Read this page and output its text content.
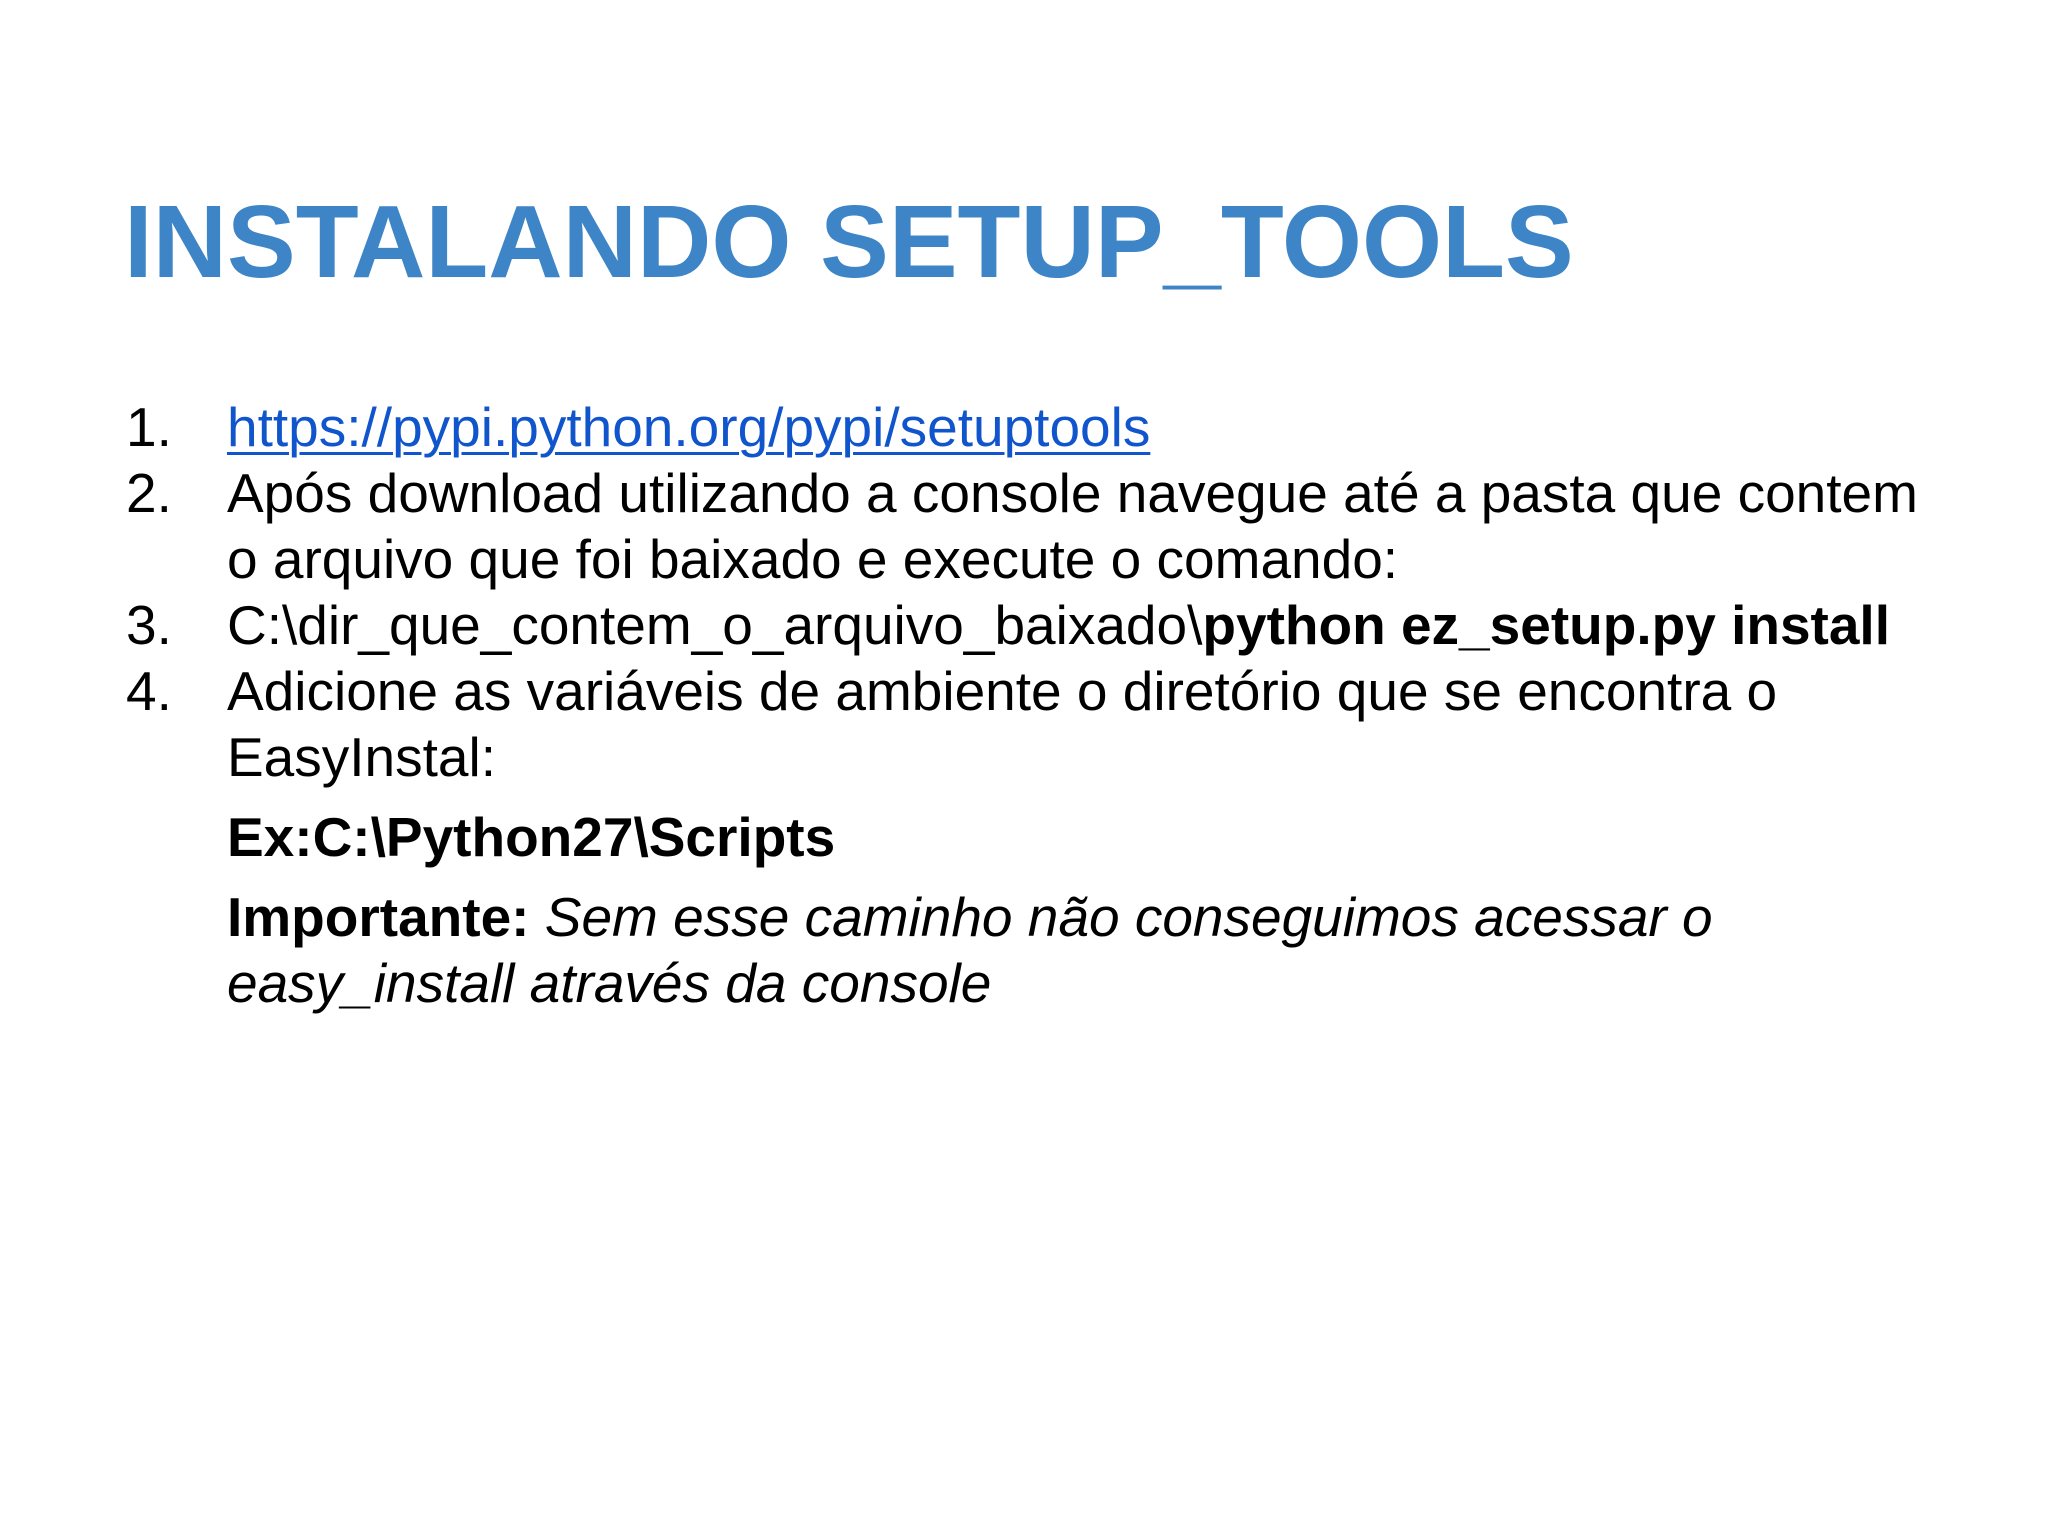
INSTALANDO SETUP_TOOLS
1. https://pypi.python.org/pypi/setuptools
2. Após download utilizando a console navegue até a pasta que contem o arquivo que foi baixado e execute o comando:
3. C:\dir_que_contem_o_arquivo_baixado\python ez_setup.py install
4. Adicione as variáveis de ambiente o diretório que se encontra o EasyInstal:
Ex:C:\Python27\Scripts
Importante: Sem esse caminho não conseguimos acessar o easy_install através da console
